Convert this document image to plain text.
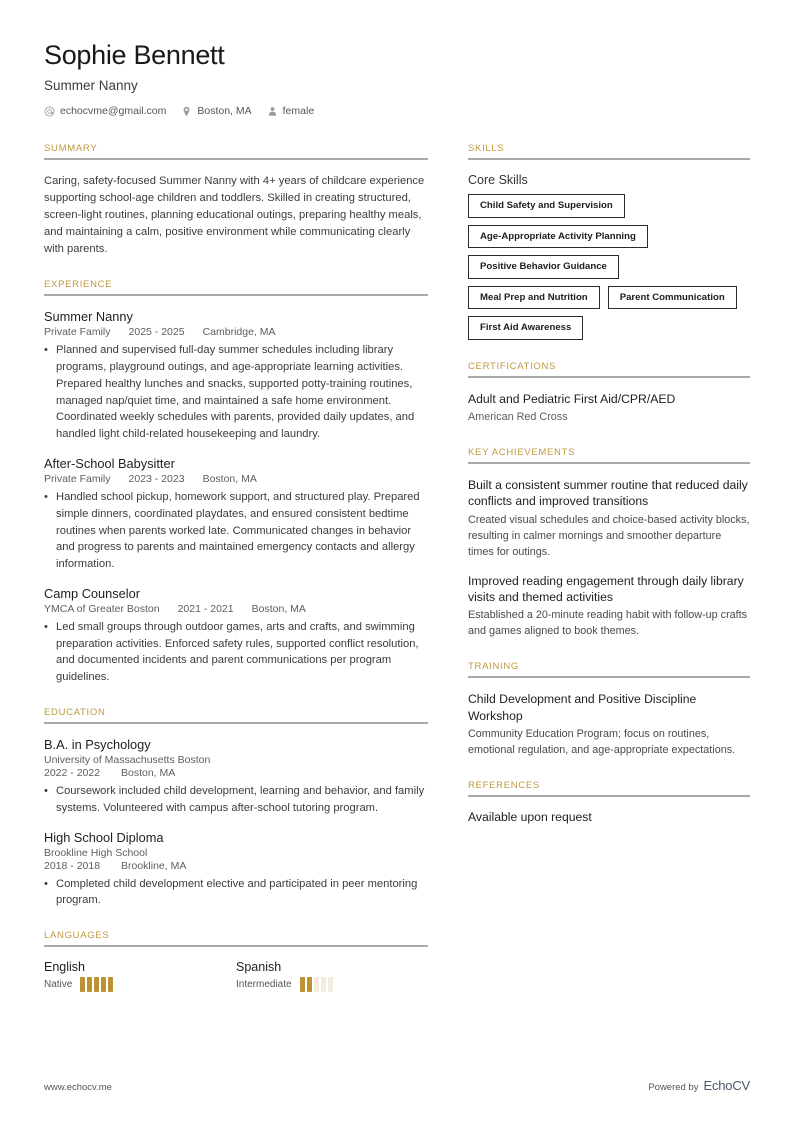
Sophie Bennett
Summer Nanny
echocvme@gmail.com	Boston, MA	female
SUMMARY
Caring, safety-focused Summer Nanny with 4+ years of childcare experience supporting school-age children and toddlers. Skilled in creating structured, screen-light routines, planning educational outings, preparing healthy meals, and maintaining a calm, positive environment while communicating clearly with parents.
EXPERIENCE
Summer Nanny
Private Family 2025 - 2025 Cambridge, MA
• Planned and supervised full-day summer schedules including library programs, playground outings, and age-appropriate learning activities. Prepared healthy lunches and snacks, supported potty-training routines, managed nap/quiet time, and maintained a safe home environment. Coordinated weekly schedules with parents, provided daily updates, and handled light child-related housekeeping and laundry.
After-School Babysitter
Private Family 2023 - 2023 Boston, MA
• Handled school pickup, homework support, and structured play. Prepared simple dinners, coordinated playdates, and ensured consistent bedtime routines when parents worked late. Communicated changes in behavior and progress to parents and maintained emergency contacts and allergy information.
Camp Counselor
YMCA of Greater Boston 2021 - 2021 Boston, MA
• Led small groups through outdoor games, arts and crafts, and swimming preparation activities. Enforced safety rules, supported conflict resolution, and documented incidents and parent communications per program guidelines.
EDUCATION
B.A. in Psychology
University of Massachusetts Boston
2022 - 2022 Boston, MA
• Coursework included child development, learning and behavior, and family systems. Volunteered with campus after-school tutoring program.
High School Diploma
Brookline High School
2018 - 2018 Brookline, MA
• Completed child development elective and participated in peer mentoring program.
LANGUAGES
English
Native
Spanish
Intermediate
SKILLS
Core Skills
Child Safety and Supervision
Age-Appropriate Activity Planning
Positive Behavior Guidance
Meal Prep and Nutrition	Parent Communication
First Aid Awareness
CERTIFICATIONS
Adult and Pediatric First Aid/CPR/AED
American Red Cross
KEY ACHIEVEMENTS
Built a consistent summer routine that reduced daily conflicts and improved transitions
Created visual schedules and choice-based activity blocks, resulting in calmer mornings and smoother departure times for outings.
Improved reading engagement through daily library visits and themed activities
Established a 20-minute reading habit with follow-up crafts and games aligned to book themes.
TRAINING
Child Development and Positive Discipline Workshop
Community Education Program; focus on routines, emotional regulation, and age-appropriate expectations.
REFERENCES
Available upon request
www.echocv.me	Powered by EchoCV
